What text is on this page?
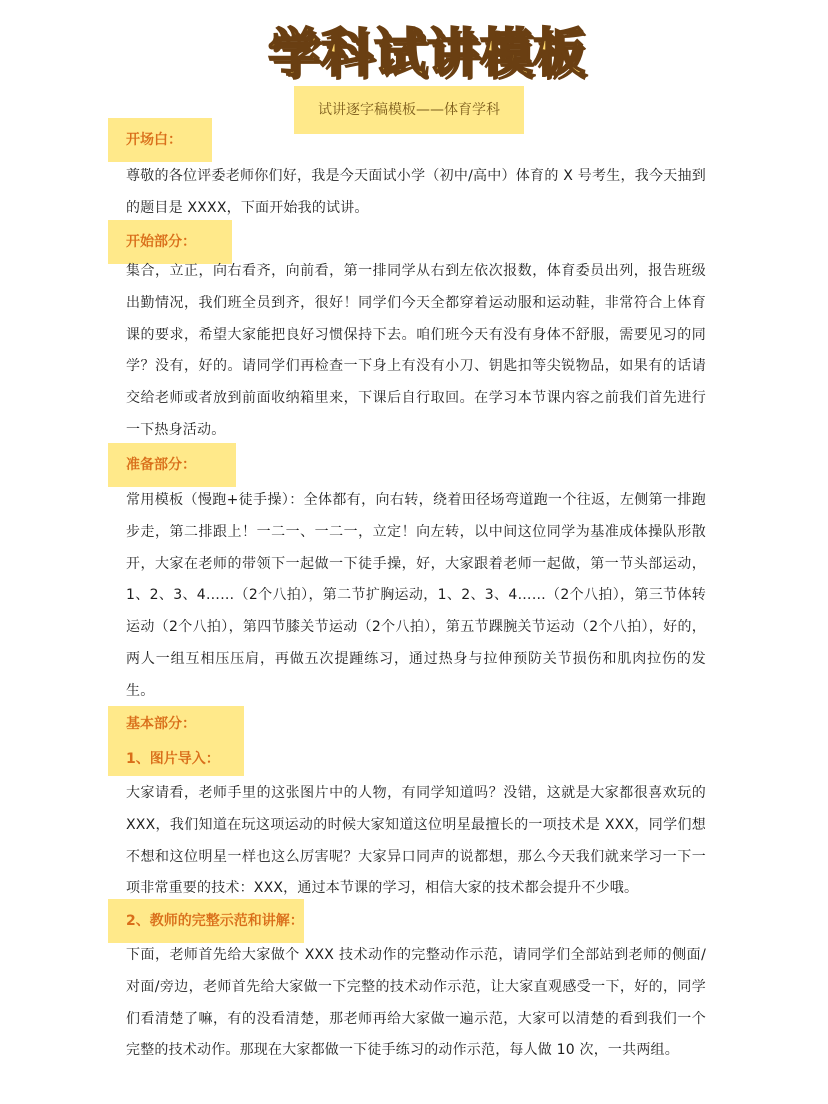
学科试讲模板
试讲逐字稿模板——体育学科
开场白：

尊敬的各位评委老师你们好，我是今天面试小学（初中/高中）体育的 X 号考生，我今天抽到的题目是 XXXX，下面开始我的试讲。

开始部分：

集合，立正，向右看齐，向前看，第一排同学从右到左依次报数，体育委员出列，报告班级出勤情况，我们班全员到齐，很好！同学们今天全都穿着运动服和运动鞋，非常符合上体育课的要求，希望大家能把良好习惯保持下去。咱们班今天有没有身体不舒服，需要见习的同学？没有，好的。请同学们再检查一下身上有没有小刀、钥匙扣等尖锐物品，如果有的话请交给老师或者放到前面收纳箱里来，下课后自行取回。在学习本节课内容之前我们首先进行一下热身活动。

准备部分：

常用模板（慢跑+徒手操）：全体都有，向右转，绕着田径场弯道跑一个往返，左侧第一排跑步走，第二排跟上！一二一、一二一，立定！向左转，以中间这位同学为基准成体操队形散开，大家在老师的带领下一起做一下徒手操，好，大家跟着老师一起做，第一节头部运动，1、2、3、4……（2个八拍），第二节扩胸运动，1、2、3、4……（2个八拍），第三节体转运动（2个八拍），第四节膝关节运动（2个八拍），第五节踝腕关节运动（2个八拍），好的，两人一组互相压压肩，再做五次提踵练习，通过热身与拉伸预防关节损伤和肌肉拉伤的发生。

基本部分：
1、图片导入：

大家请看，老师手里的这张图片中的人物，有同学知道吗？没错，这就是大家都很喜欢玩的 XXX，我们知道在玩这项运动的时候大家知道这位明星最擅长的一项技术是 XXX，同学们想不想和这位明星一样也这么厉害呢？大家异口同声的说都想，那么今天我们就来学习一下一项非常重要的技术：XXX，通过本节课的学习，相信大家的技术都会提升不少哦。

2、教师的完整示范和讲解：

下面，老师首先给大家做个 XXX 技术动作的完整动作示范，请同学们全部站到老师的侧面/对面/旁边，老师首先给大家做一下完整的技术动作示范，让大家直观感受一下，好的，同学们看清楚了嘛，有的没看清楚，那老师再给大家做一遍示范，大家可以清楚的看到我们一个完整的技术动作。那现在大家都做一下徒手练习的动作示范，每人做 10 次，一共两组。
